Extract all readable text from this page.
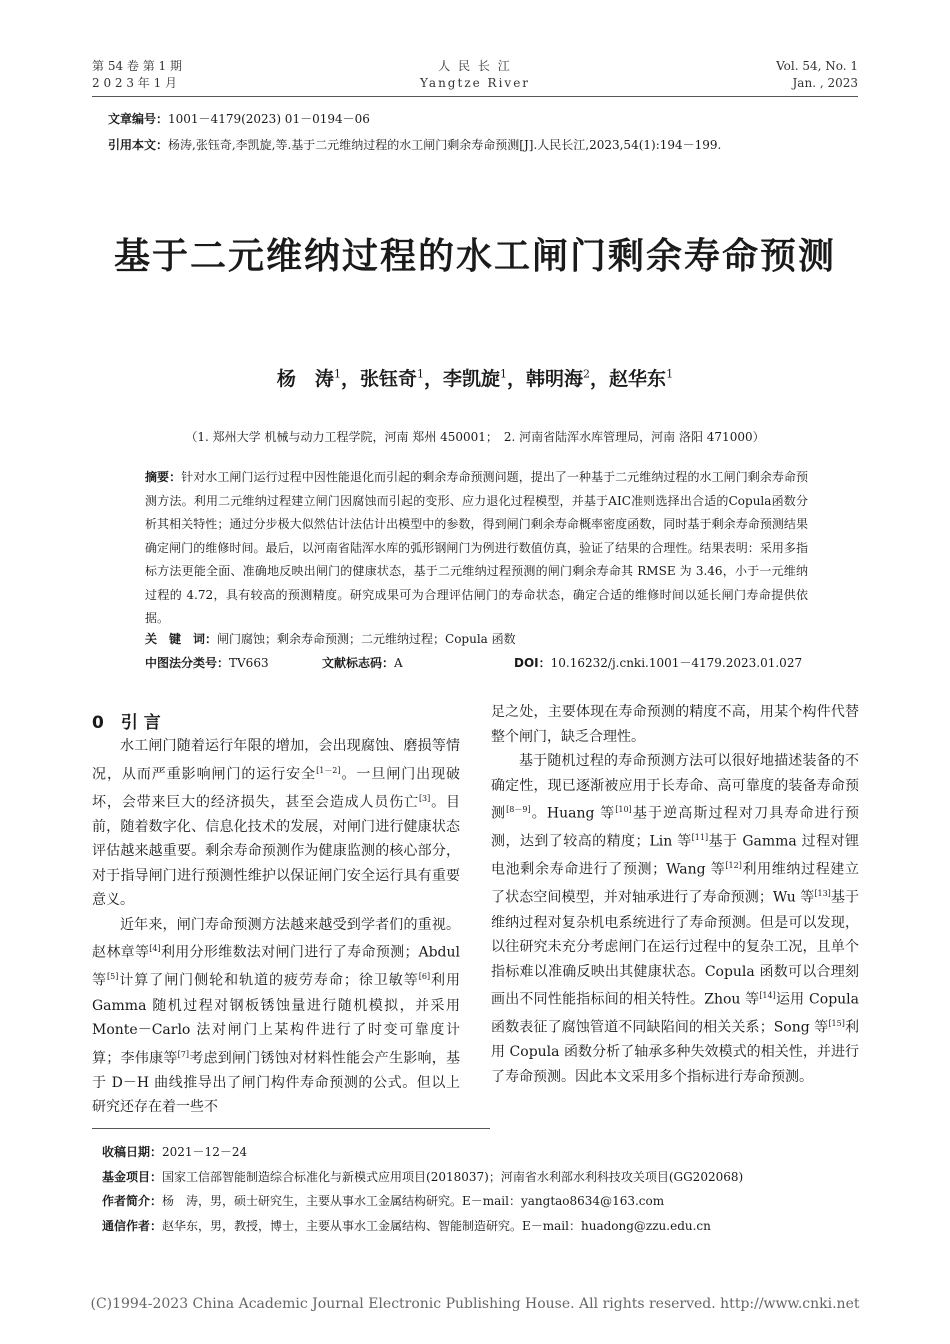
第 54 卷 第 1 期
2 0 2 3 年 1 月
人 民 长 江
Yangtze River
Vol. 54, No. 1
Jan. , 2023
文章编号：1001－4179(2023) 01－0194－06
引用本文：杨涛,张钰奇,李凯旋,等.基于二元维纳过程的水工闸门剩余寿命预测[J].人民长江,2023,54(1):194－199.
基于二元维纳过程的水工闸门剩余寿命预测
杨　涛$^1$，张钰奇$^1$，李凯旋$^1$，韩明海$^2$，赵华东$^1$
（1. 郑州大学 机械与动力工程学院，河南 郑州 450001；　2. 河南省陆浑水库管理局，河南 洛阳 471000）
摘要：针对水工闸门运行过程中因性能退化而引起的剩余寿命预测问题，提出了一种基于二元维纳过程的水工闸门剩余寿命预测方法。利用二元维纳过程建立闸门因腐蚀而引起的变形、应力退化过程模型，并基于AIC准则选择出合适的Copula函数分析其相关特性；通过分步极大似然估计法估计出模型中的参数，得到闸门剩余寿命概率密度函数，同时基于剩余寿命预测结果确定闸门的维修时间。最后，以河南省陆浑水库的弧形钢闸门为例进行数值仿真，验证了结果的合理性。结果表明：采用多指标方法更能全面、准确地反映出闸门的健康状态，基于二元维纳过程预测的闸门剩余寿命其 RMSE 为 3.46，小于一元维纳过程的 4.72，具有较高的预测精度。研究成果可为合理评估闸门的寿命状态，确定合适的维修时间以延长闸门寿命提供依据。
关　键　词：闸门腐蚀；剩余寿命预测；二元维纳过程；Copula 函数
中图法分类号：TV663	文献标志码：A	DOI：10.16232/j.cnki.1001－4179.2023.01.027
0　引 言

水工闸门随着运行年限的增加，会出现腐蚀、磨损等情况，从而严重影响闸门的运行安全[1－2]。一旦闸门出现破坏，会带来巨大的经济损失，甚至会造成人员伤亡[3]。目前，随着数字化、信息化技术的发展，对闸门进行健康状态评估越来越重要。剩余寿命预测作为健康监测的核心部分，对于指导闸门进行预测性维护以保证闸门安全运行具有重要意义。

近年来，闸门寿命预测方法越来越受到学者们的重视。赵林章等[4]利用分形维数法对闸门进行了寿命预测；Abdul 等[5]计算了闸门侧轮和轨道的疲劳寿命；徐卫敏等[6]利用 Gamma 随机过程对钢板锈蚀量进行随机模拟，并采用 Monte－Carlo 法对闸门上某构件进行了时变可靠度计算；李伟康等[7]考虑到闸门锈蚀对材料性能会产生影响，基于 D－H 曲线推导出了闸门构件寿命预测的公式。但以上研究还存在着一些不

足之处，主要体现在寿命预测的精度不高，用某个构件代替整个闸门，缺乏合理性。

基于随机过程的寿命预测方法可以很好地描述装备的不确定性，现已逐渐被应用于长寿命、高可靠度的装备寿命预测[8－9]。Huang 等[10]基于逆高斯过程对刀具寿命进行预测，达到了较高的精度；Lin 等[11]基于 Gamma 过程对锂电池剩余寿命进行了预测；Wang 等[12]利用维纳过程建立了状态空间模型，并对轴承进行了寿命预测；Wu 等[13]基于维纳过程对复杂机电系统进行了寿命预测。但是可以发现，以往研究未充分考虑闸门在运行过程中的复杂工况，且单个指标难以准确反映出其健康状态。Copula 函数可以合理刻画出不同性能指标间的相关特性。Zhou 等[14]运用 Copula 函数表征了腐蚀管道不同缺陷间的相关关系；Song 等[15]利用 Copula 函数分析了轴承多种失效模式的相关性，并进行了寿命预测。因此本文采用多个指标进行寿命预测。

收稿日期：2021－12－24
基金项目：国家工信部智能制造综合标准化与新模式应用项目(2018037)；河南省水利部水利科技攻关项目(GG202068)
作者简介：杨　涛，男，硕士研究生，主要从事水工金属结构研究。E－mail：yangtao8634@163.com
通信作者：赵华东，男，教授，博士，主要从事水工金属结构、智能制造研究。E－mail：huadong@zzu.edu.cn
(C)1994-2023 China Academic Journal Electronic Publishing House. All rights reserved. http://www.cnki.net
